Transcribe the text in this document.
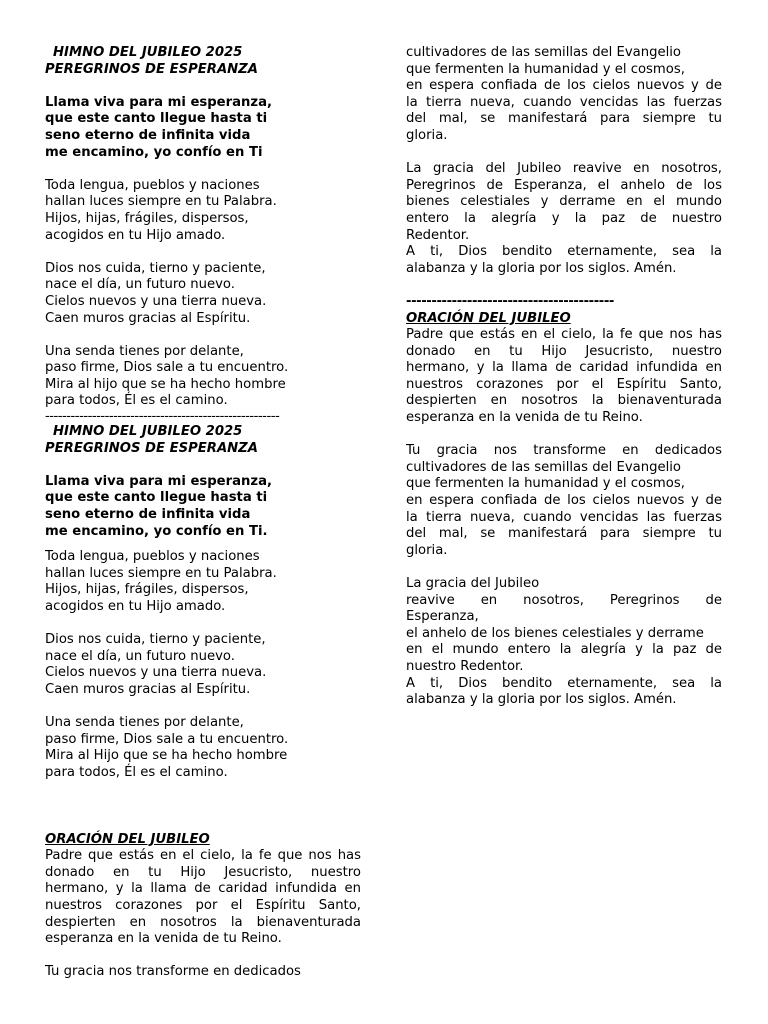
HIMNO DEL JUBILEO 2025
PEREGRINOS DE ESPERANZA
Llama viva para mi esperanza,
que este canto llegue hasta ti
seno eterno de infinita vida
me encamino, yo confío en Ti
Toda lengua, pueblos y naciones
hallan luces siempre en tu Palabra.
Hijos, hijas, frágiles, dispersos,
acogidos en tu Hijo amado.
Dios nos cuida, tierno y paciente,
nace el día, un futuro nuevo.
Cielos nuevos y una tierra nueva.
Caen muros gracias al Espíritu.
Una senda tienes por delante,
paso firme, Dios sale a tu encuentro.
Mira al hijo que se ha hecho hombre
para todos, Él es el camino.
-------------------------------------------------------
HIMNO DEL JUBILEO 2025
PEREGRINOS DE ESPERANZA
Llama viva para mi esperanza,
que este canto llegue hasta ti
seno eterno de infinita vida
me encamino, yo confío en Ti.
Toda lengua, pueblos y naciones
hallan luces siempre en tu Palabra.
Hijos, hijas, frágiles, dispersos,
acogidos en tu Hijo amado.
Dios nos cuida, tierno y paciente,
nace el día, un futuro nuevo.
Cielos nuevos y una tierra nueva.
Caen muros gracias al Espíritu.
Una senda tienes por delante,
paso firme, Dios sale a tu encuentro.
Mira al Hijo que se ha hecho hombre
para todos, Él es el camino.
ORACIÓN DEL JUBILEO
Padre que estás en el cielo, la fe que nos has
donado en tu Hijo Jesucristo, nuestro
hermano, y la llama de caridad infundida en
nuestros corazones por el Espíritu Santo,
despierten en nosotros la bienaventurada
esperanza en la venida de tu Reino.
Tu gracia nos transforme en dedicados
cultivadores de las semillas del Evangelio
que fermenten la humanidad y el cosmos,
en espera confiada de los cielos nuevos y de
la tierra nueva, cuando vencidas las fuerzas
del mal, se manifestará para siempre tu
gloria.
La gracia del Jubileo reavive en nosotros,
Peregrinos de Esperanza, el anhelo de los
bienes celestiales y derrame en el mundo
entero la alegría y la paz de nuestro
Redentor.
A ti, Dios bendito eternamente, sea la
alabanza y la gloria por los siglos. Amén.
-----------------------------------------
ORACIÓN DEL JUBILEO
Padre que estás en el cielo, la fe que nos has
donado en tu Hijo Jesucristo, nuestro
hermano, y la llama de caridad infundida en
nuestros corazones por el Espíritu Santo,
despierten en nosotros la bienaventurada
esperanza en la venida de tu Reino.
Tu gracia nos transforme en dedicados
cultivadores de las semillas del Evangelio
que fermenten la humanidad y el cosmos,
en espera confiada de los cielos nuevos y de
la tierra nueva, cuando vencidas las fuerzas
del mal, se manifestará para siempre tu
gloria.
La gracia del Jubileo
reavive en nosotros, Peregrinos de
Esperanza,
el anhelo de los bienes celestiales y derrame
en el mundo entero la alegría y la paz de
nuestro Redentor.
A ti, Dios bendito eternamente, sea la
alabanza y la gloria por los siglos. Amén.
